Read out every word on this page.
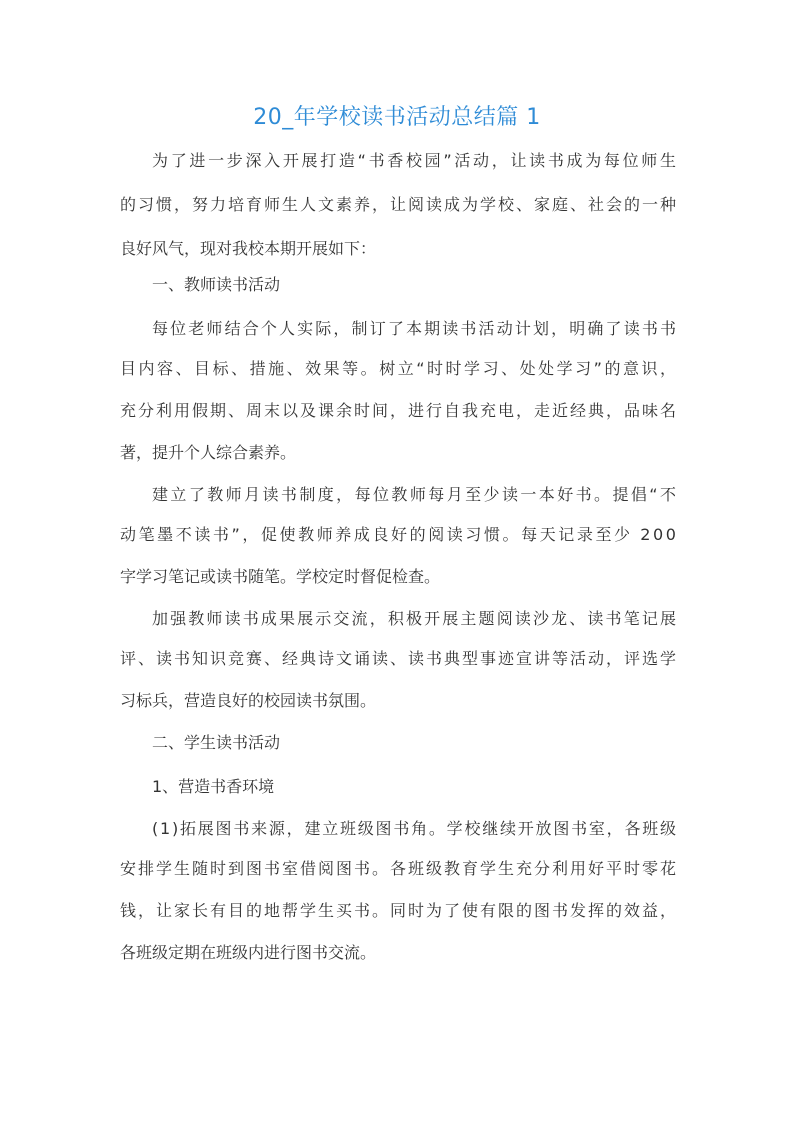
20_年学校读书活动总结篇 1
为了进一步深入开展打造“书香校园”活动，让读书成为每位师生
的习惯，努力培育师生人文素养，让阅读成为学校、家庭、社会的一种
良好风气，现对我校本期开展如下：
一、教师读书活动
每位老师结合个人实际，制订了本期读书活动计划，明确了读书书
目内容、目标、措施、效果等。树立“时时学习、处处学习”的意识，
充分利用假期、周末以及课余时间，进行自我充电，走近经典，品味名
著，提升个人综合素养。
建立了教师月读书制度，每位教师每月至少读一本好书。提倡“不
动笔墨不读书”，促使教师养成良好的阅读习惯。每天记录至少 200
字学习笔记或读书随笔。学校定时督促检查。
加强教师读书成果展示交流，积极开展主题阅读沙龙、读书笔记展
评、读书知识竞赛、经典诗文诵读、读书典型事迹宣讲等活动，评选学
习标兵，营造良好的校园读书氛围。
二、学生读书活动
1、营造书香环境
(1)拓展图书来源，建立班级图书角。学校继续开放图书室，各班级
安排学生随时到图书室借阅图书。各班级教育学生充分利用好平时零花
钱，让家长有目的地帮学生买书。同时为了使有限的图书发挥的效益，
各班级定期在班级内进行图书交流。
